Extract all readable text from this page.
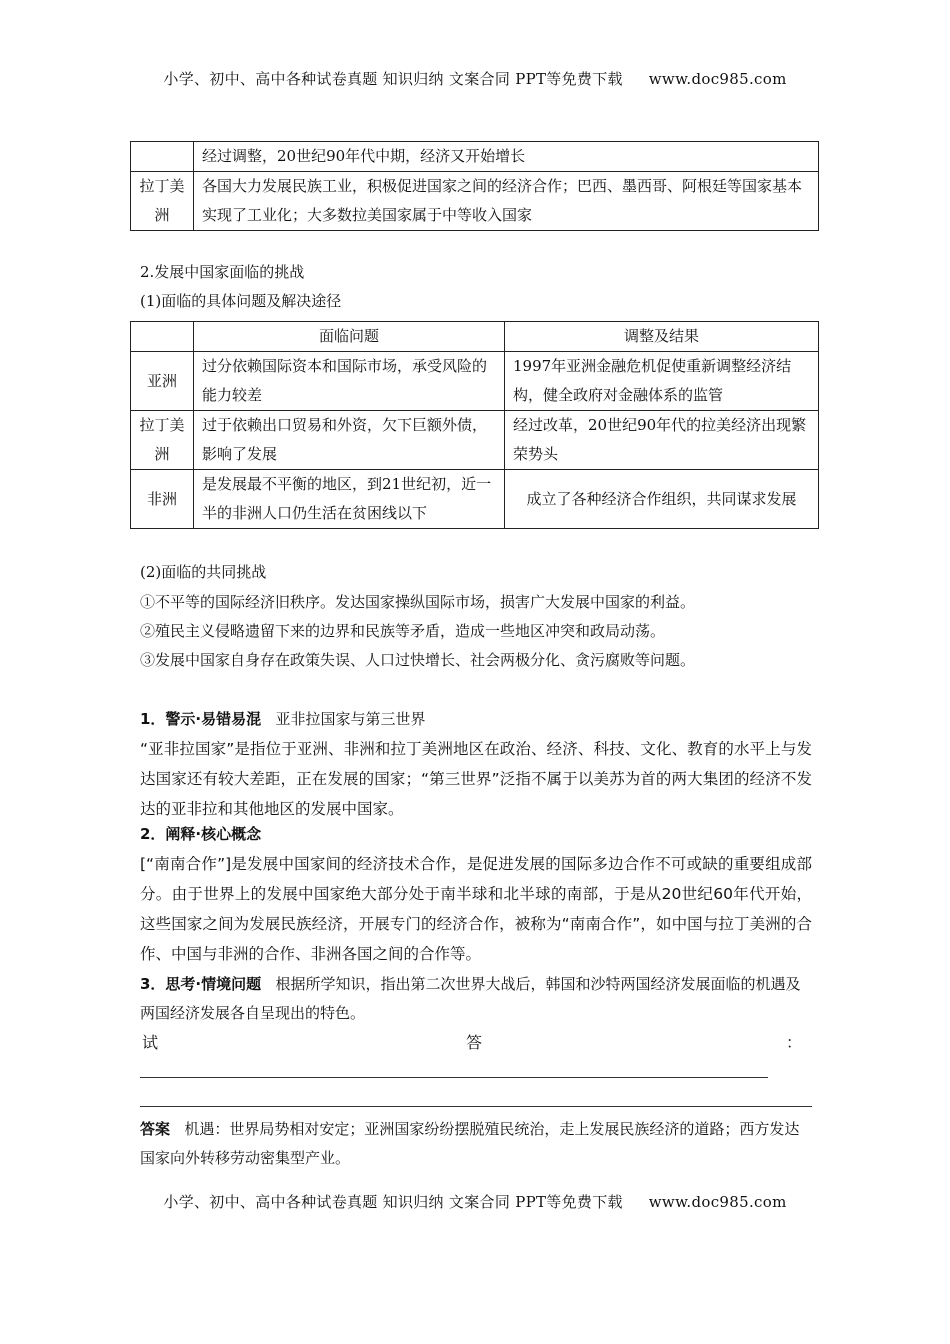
小学、初中、高中各种试卷真题 知识归纳 文案合同 PPT等免费下载 www.doc985.com
	经过调整，20世纪90年代中期，经济又开始增长
拉丁美洲	各国大力发展民族工业，积极促进国家之间的经济合作；巴西、墨西哥、阿根廷等国家基本实现了工业化；大多数拉美国家属于中等收入国家
2.发展中国家面临的挑战
(1)面临的具体问题及解决途径
	面临问题	调整及结果
亚洲	过分依赖国际资本和国际市场，承受风险的能力较差	1997年亚洲金融危机促使重新调整经济结构，健全政府对金融体系的监管
拉丁美洲	过于依赖出口贸易和外资，欠下巨额外债，影响了发展	经过改革，20世纪90年代的拉美经济出现繁荣势头
非洲	是发展最不平衡的地区，到21世纪初，近一半的非洲人口仍生活在贫困线以下	成立了各种经济合作组织，共同谋求发展
(2)面临的共同挑战
①不平等的国际经济旧秩序。发达国家操纵国际市场，损害广大发展中国家的利益。
②殖民主义侵略遗留下来的边界和民族等矛盾，造成一些地区冲突和政局动荡。
③发展中国家自身存在政策失误、人口过快增长、社会两极分化、贪污腐败等问题。
1．警示·易错易混 亚非拉国家与第三世界
“亚非拉国家”是指位于亚洲、非洲和拉丁美洲地区在政治、经济、科技、文化、教育的水平上与发达国家还有较大差距，正在发展的国家；“第三世界”泛指不属于以美苏为首的两大集团的经济不发达的亚非拉和其他地区的发展中国家。
2．阐释·核心概念
[“南南合作”]是发展中国家间的经济技术合作，是促进发展的国际多边合作不可或缺的重要组成部分。由于世界上的发展中国家绝大部分处于南半球和北半球的南部，于是从20世纪60年代开始，这些国家之间为发展民族经济，开展专门的经济合作，被称为“南南合作”，如中国与拉丁美洲的合作、中国与非洲的合作、非洲各国之间的合作等。
3．思考·情境问题 根据所学知识，指出第二次世界大战后，韩国和沙特两国经济发展面临的机遇及两国经济发展各自呈现出的特色。
试	答	：
答案 机遇：世界局势相对安定；亚洲国家纷纷摆脱殖民统治，走上发展民族经济的道路；西方发达国家向外转移劳动密集型产业。
小学、初中、高中各种试卷真题 知识归纳 文案合同 PPT等免费下载 www.doc985.com
